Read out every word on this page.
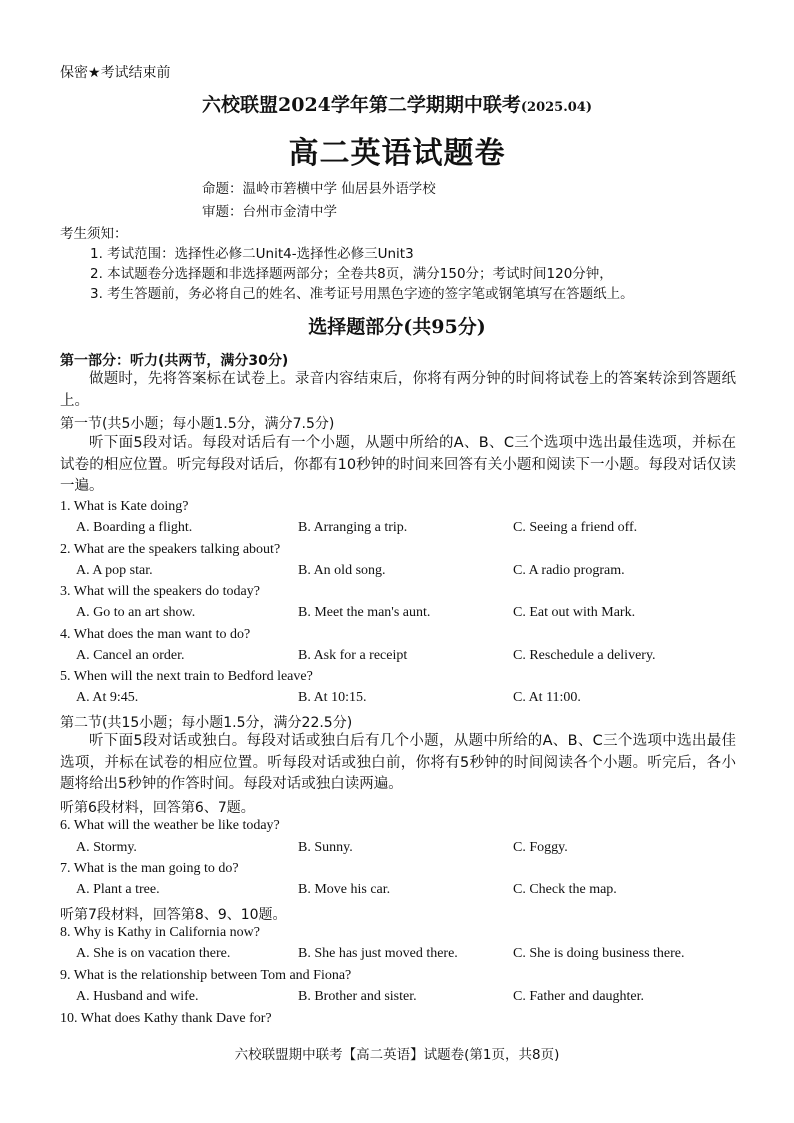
保密★考试结束前
六校联盟2024学年第二学期期中联考(2025.04)
高二英语试题卷
命题：温岭市箬横中学 仙居县外语学校
审题：台州市金清中学
考生须知：
1. 考试范围：选择性必修二Unit4-选择性必修三Unit3
2. 本试题卷分选择题和非选择题两部分；全卷共8页，满分150分；考试时间120分钟，
3. 考生答题前，务必将自己的姓名、准考证号用黑色字迹的签字笔或钢笔填写在答题纸上。
选择题部分(共95分)
第一部分：听力(共两节，满分30分)
做题时，先将答案标在试卷上。录音内容结束后，你将有两分钟的时间将试卷上的答案转涂到答题纸上。
第一节(共5小题；每小题1.5分，满分7.5分)
听下面5段对话。每段对话后有一个小题，从题中所给的A、B、C三个选项中选出最佳选项，并标在试卷的相应位置。听完每段对话后，你都有10秒钟的时间来回答有关小题和阅读下一小题。每段对话仅读一遍。
1. What is Kate doing?
A. Boarding a flight.	B. Arranging a trip.	C. Seeing a friend off.
2. What are the speakers talking about?
A. A pop star.	B. An old song.	C. A radio program.
3. What will the speakers do today?
A. Go to an art show.	B. Meet the man's aunt.	C. Eat out with Mark.
4. What does the man want to do?
A. Cancel an order.	B. Ask for a receipt	C. Reschedule a delivery.
5. When will the next train to Bedford leave?
A. At 9:45.	B. At 10:15.	C. At 11:00.
第二节(共15小题；每小题1.5分，满分22.5分)
听下面5段对话或独白。每段对话或独白后有几个小题，从题中所给的A、B、C三个选项中选出最佳选项，并标在试卷的相应位置。听每段对话或独白前，你将有5秒钟的时间阅读各个小题。听完后，各小题将给出5秒钟的作答时间。每段对话或独白读两遍。
听第6段材料，回答第6、7题。
6. What will the weather be like today?
A. Stormy.	B. Sunny.	C. Foggy.
7. What is the man going to do?
A. Plant a tree.	B. Move his car.	C. Check the map.
听第7段材料，回答第8、9、10题。
8. Why is Kathy in California now?
A. She is on vacation there.	B. She has just moved there.	C. She is doing business there.
9. What is the relationship between Tom and Fiona?
A. Husband and wife.	B. Brother and sister.	C. Father and daughter.
10. What does Kathy thank Dave for?
六校联盟期中联考【高二英语】试题卷(第1页，共8页)
